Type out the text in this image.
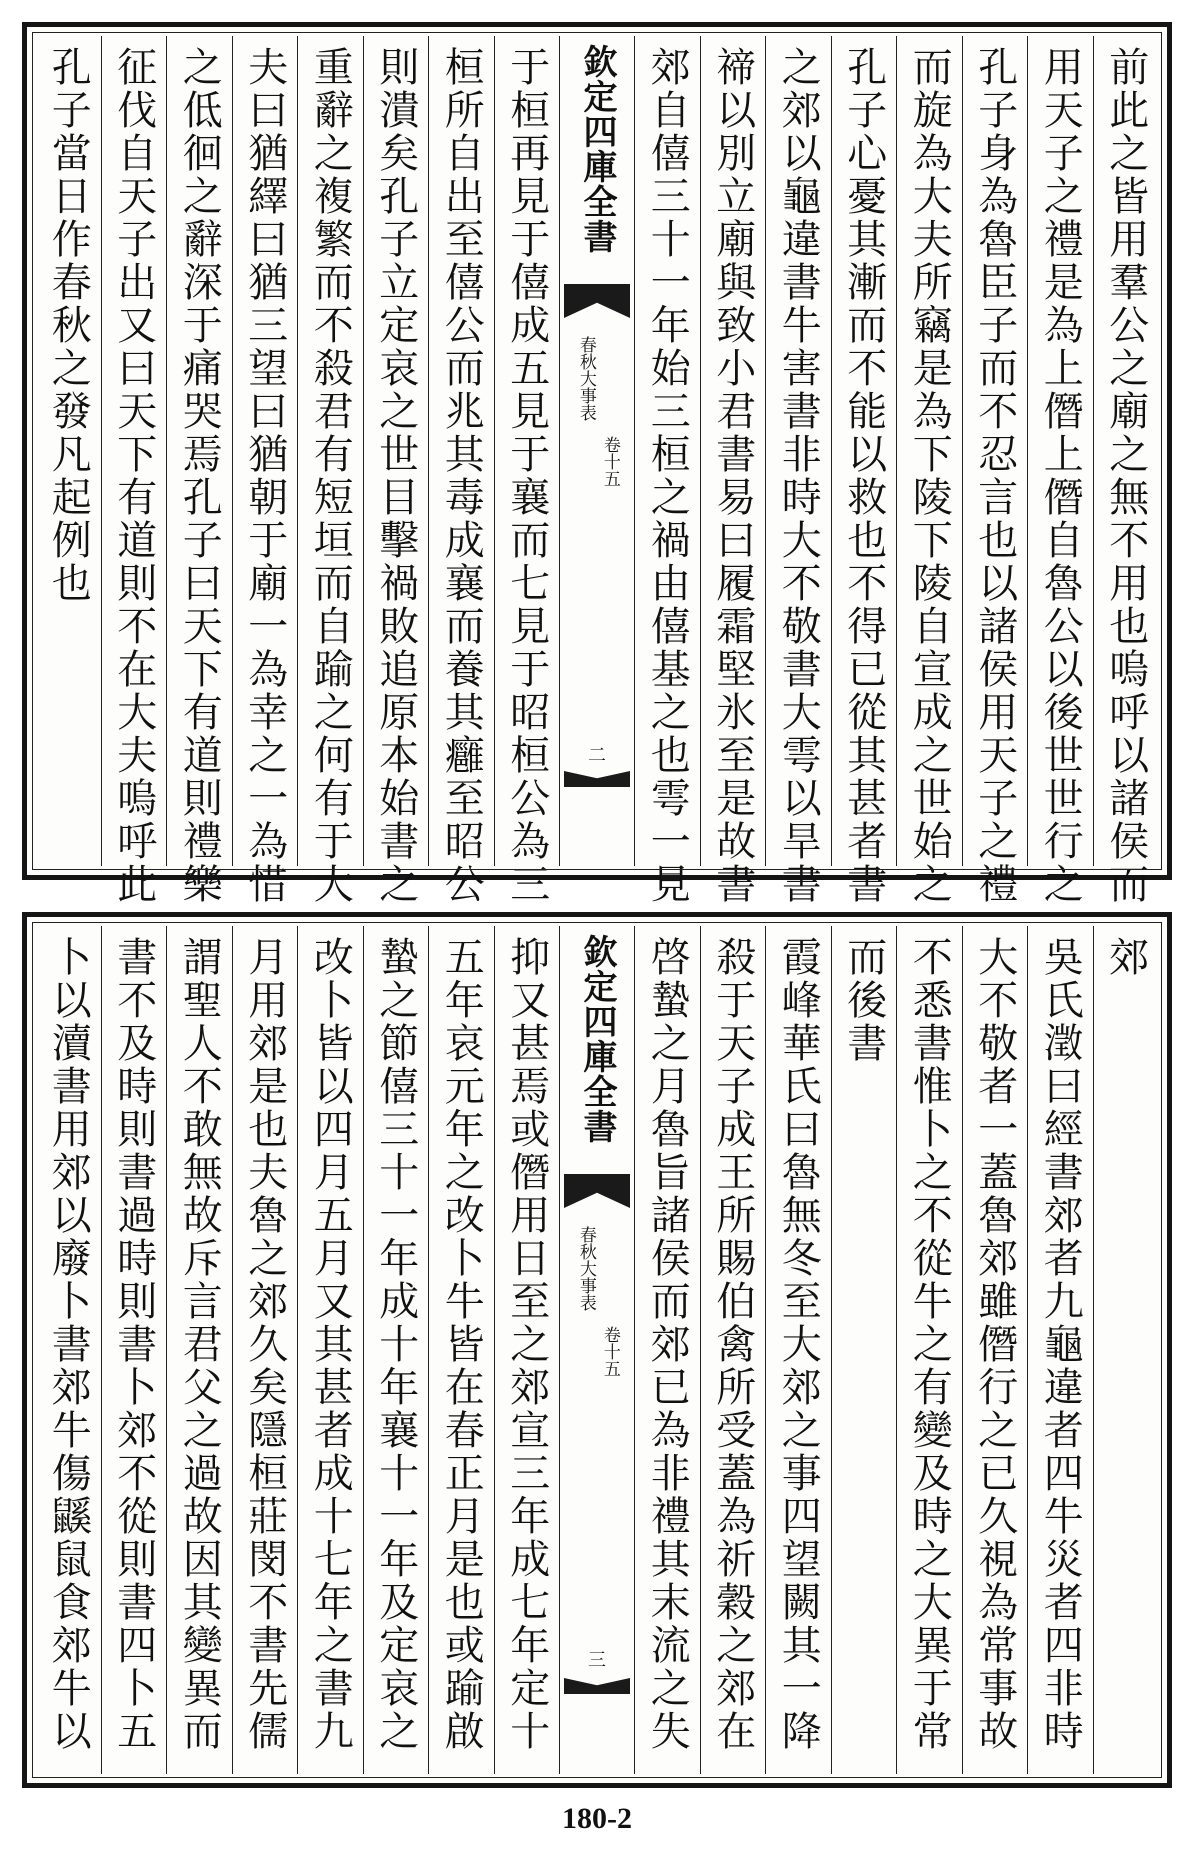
前此之皆用羣公之廟之無不用也嗚呼以諸侯而
用天子之禮是為上僭上僭自魯公以後世世行之
孔子身為魯臣子而不忍言也以諸侯用天子之禮
而旋為大夫所竊是為下陵下陵自宣成之世始之
孔子心憂其漸而不能以救也不得已從其甚者書
之郊以龜違書牛害書非時大不敬書大雩以旱書
禘以別立廟與致小君書易曰履霜堅氷至是故書
郊自僖三十一年始三桓之禍由僖基之也雩一見
欽定四庫全書
春秋大事表
卷十五
二
于桓再見于僖成五見于襄而七見于昭桓公為三
桓所自出至僖公而兆其毒成襄而養其癰至昭公
則潰矣孔子立定哀之世目擊禍敗追原本始書之
重辭之複繁而不殺君有短垣而自踰之何有于大
夫曰猶繹曰猶三望曰猶朝于廟一為幸之一為惜
之低徊之辭深于痛哭焉孔子曰天下有道則禮樂
征伐自天子出又曰天下有道則不在大夫嗚呼此
孔子當日作春秋之發凡起例也
郊
吳氏澂曰經書郊者九龜違者四牛災者四非時
大不敬者一蓋魯郊雖僭行之已久視為常事故
不悉書惟卜之不從牛之有變及時之大異于常
而後書
霞峰華氏曰魯無冬至大郊之事四望闕其一降
殺于天子成王所賜伯禽所受蓋為祈穀之郊在
啓蟄之月魯旨諸侯而郊已為非禮其末流之失
欽定四庫全書
春秋大事表
卷十五
三
抑又甚焉或僭用日至之郊宣三年成七年定十
五年哀元年之改卜牛皆在春正月是也或踰啟
蟄之節僖三十一年成十年襄十一年及定哀之
改卜皆以四月五月又其甚者成十七年之書九
月用郊是也夫魯之郊久矣隱桓莊閔不書先儒
謂聖人不敢無故斥言君父之過故因其變異而
書不及時則書過時則書卜郊不從則書四卜五
卜以瀆書用郊以廢卜書郊牛傷鼷鼠食郊牛以
180-2
